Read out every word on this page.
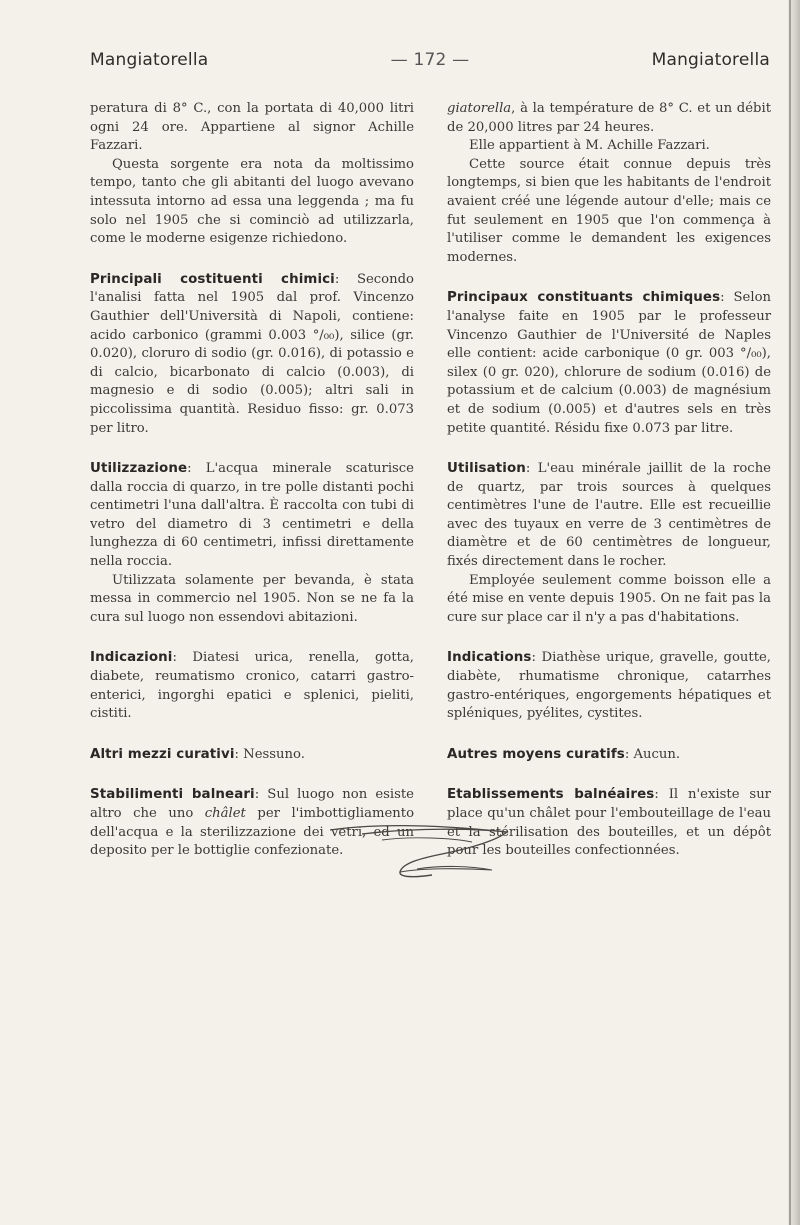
Mangiatorella	— 172 —	Mangiatorella

peratura di 8° C., con la portata di 40,000 litri ogni 24 ore. Appartiene al signor Achille Fazzari.

Questa sorgente era nota da moltissimo tempo, tanto che gli abitanti del luogo avevano intessuta intorno ad essa una leggenda ; ma fu solo nel 1905 che si cominciò ad utilizzarla, come le moderne esigenze richiedono.

Principali costituenti chimici: Secondo l'analisi fatta nel 1905 dal prof. Vincenzo Gauthier dell'Università di Napoli, contiene: acido carbonico (grammi 0.003 °/₀₀), silice (gr. 0.020), cloruro di sodio (gr. 0.016), di potassio e di calcio, bicarbonato di calcio (0.003), di magnesio e di sodio (0.005); altri sali in piccolissima quantità. Residuo fisso: gr. 0.073 per litro.

Utilizzazione: L'acqua minerale scaturisce dalla roccia di quarzo, in tre polle distanti pochi centimetri l'una dall'altra. È raccolta con tubi di vetro del diametro di 3 centimetri e della lunghezza di 60 centimetri, infissi direttamente nella roccia.

Utilizzata solamente per bevanda, è stata messa in commercio nel 1905. Non se ne fa la cura sul luogo non essendovi abitazioni.

Indicazioni: Diatesi urica, renella, gotta, diabete, reumatismo cronico, catarri gastro-enterici, ingorghi epatici e splenici, pieliti, cistiti.

Altri mezzi curativi: Nessuno.

Stabilimenti balneari: Sul luogo non esiste altro che uno châlet per l'imbottigliamento dell'acqua e la sterilizzazione dei vetri, ed un deposito per le bottiglie confezionate.

giatorella, à la température de 8° C. et un débit de 20,000 litres par 24 heures.

Elle appartient à M. Achille Fazzari.

Cette source était connue depuis très longtemps, si bien que les habitants de l'endroit avaient créé une légende autour d'elle; mais ce fut seulement en 1905 que l'on commença à l'utiliser comme le demandent les exigences modernes.

Principaux constituants chimiques: Selon l'analyse faite en 1905 par le professeur Vincenzo Gauthier de l'Université de Naples elle contient: acide carbonique (0 gr. 003 °/₀₀), silex (0 gr. 020), chlorure de sodium (0.016) de potassium et de calcium (0.003) de magnésium et de sodium (0.005) et d'autres sels en très petite quantité. Résidu fixe 0.073 par litre.

Utilisation: L'eau minérale jaillit de la roche de quartz, par trois sources à quelques centimètres l'une de l'autre. Elle est recueillie avec des tuyaux en verre de 3 centimètres de diamètre et de 60 centimètres de longueur, fixés directement dans le rocher.

Employée seulement comme boisson elle a été mise en vente depuis 1905. On ne fait pas la cure sur place car il n'y a pas d'habitations.

Indications: Diathèse urique, gravelle, goutte, diabète, rhumatisme chronique, catarrhes gastro-entériques, engorgements hépatiques et spléniques, pyélites, cystites.

Autres moyens curatifs: Aucun.

Etablissements balnéaires: Il n'existe sur place qu'un châlet pour l'embouteillage de l'eau et la stérilisation des bouteilles, et un dépôt pour les bouteilles confectionnées.
